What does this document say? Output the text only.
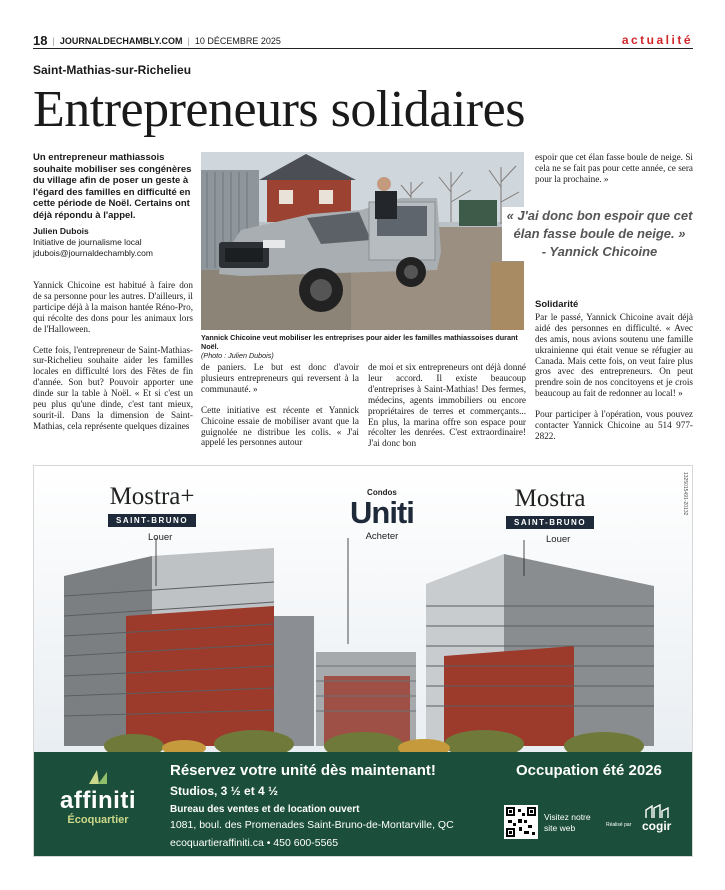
18 | JOURNALDECHAMBLY.COM | 10 DÉCEMBRE 2025	actualité
Saint-Mathias-sur-Richelieu
Entrepreneurs solidaires
Un entrepreneur mathiassois souhaite mobiliser ses congénères du village afin de poser un geste à l'égard des familles en difficulté en cette période de Noël. Certains ont déjà répondu à l'appel.
Julien Dubois
Initiative de journalisme local
jdubois@journaldechambly.com

Yannick Chicoine est habitué à faire don de sa personne pour les autres. D'ailleurs, il participe déjà à la maison hantée Réno-Pro, qui récolte des dons pour les animaux lors de l'Halloween.

Cette fois, l'entrepreneur de Saint-Mathias-sur-Richelieu souhaite aider les familles locales en difficulté lors des Fêtes de fin d'année. Son but? Pouvoir apporter une dinde sur la table à Noël. « Et si c'est un peu plus qu'une dinde, c'est tant mieux, sourit-il. Dans la dimension de Saint-Mathias, cela représente quelques dizaines

Yannick Chicoine veut mobiliser les entreprises pour aider les familles mathiassoises durant Noël.
(Photo : Julien Dubois)

de paniers. Le but est donc d'avoir plusieurs entrepreneurs qui reversent à la communauté. »

Cette initiative est récente et Yannick Chicoine essaie de mobiliser avant que la guignolée ne distribue les colis. « J'ai appelé les personnes autour

de moi et six entrepreneurs ont déjà donné leur accord. Il existe beaucoup d'entreprises à Saint-Mathias! Des fermes, médecins, agents immobiliers ou encore propriétaires de terres et commerçants... En plus, la marina offre son espace pour récolter les denrées. C'est extraordinaire! J'ai donc bon

espoir que cet élan fasse boule de neige. Si cela ne se fait pas pour cette année, ce sera pour la prochaine. »

« J'ai donc bon espoir que cet élan fasse boule de neige. »
- Yannick Chicoine
Solidarité

Par le passé, Yannick Chicoine avait déjà aidé des personnes en difficulté. « Avec des amis, nous avions soutenu une famille ukrainienne qui était venue se réfugier au Canada. Mais cette fois, on veut faire plus gros avec des entrepreneurs. On peut prendre soin de nos concitoyens et je crois beaucoup au fait de redonner au local! »

Pour participer à l'opération, vous pouvez contacter Yannick Chicoine au 514 977-2822.

1325015491-20132
Mostra+
SAINT-BRUNO
Louer
Condos
Uniti
Acheter
Mostra
SAINT-BRUNO
Louer
affiniti
Écoquartier
Réservez votre unité dès maintenant!
Studios, 3 ½ et 4 ½
Bureau des ventes et de location ouvert
1081, boul. des Promenades Saint-Bruno-de-Montarville, QC
ecoquartieraffiniti.ca • 450 600-5565
Occupation été 2026
Visitez notre site web	Réalisé par cogir
